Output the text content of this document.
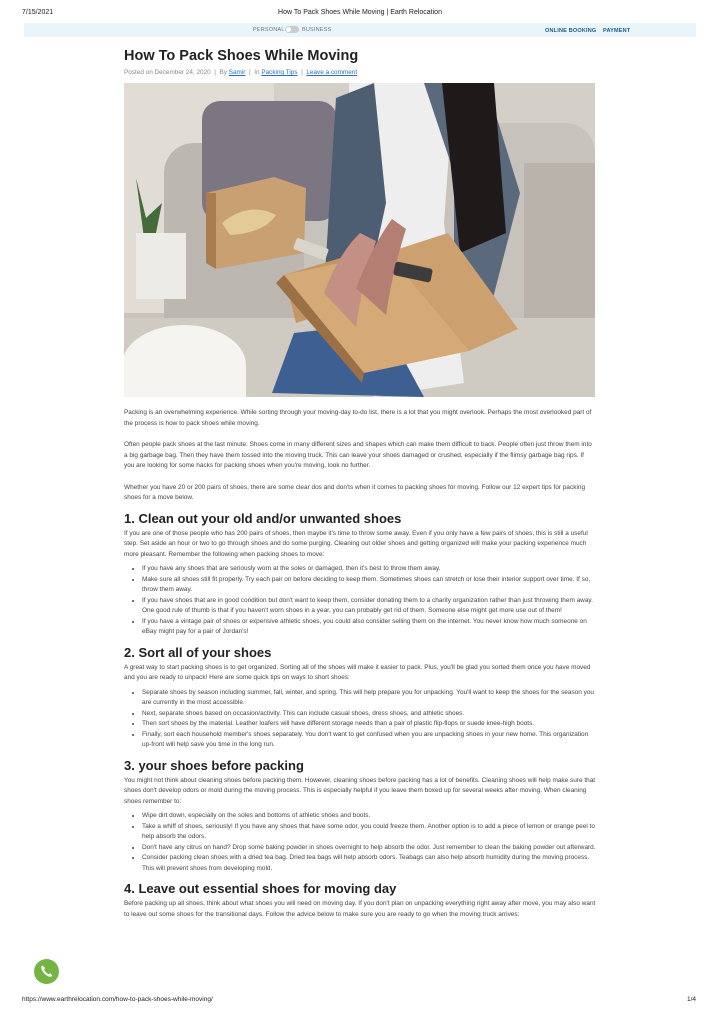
7/15/2021	How To Pack Shoes While Moving | Earth Relocation
PERSONAL	BUSINESS	ONLINE BOOKING PAYMENT
How To Pack Shoes While Moving
Posted on December 24, 2020  |  By Samir  |  In Packing Tips  |  Leave a comment

Packing is an overwhelming experience. While sorting through your moving-day to-do list, there is a lot that you might overlook. Perhaps the most overlooked part of the process is how to pack shoes while moving.

Often people pack shoes at the last minute. Shoes come in many different sizes and shapes which can make them difficult to back. People often just throw them into a big garbage bag. Then they have them tossed into the moving truck. This can leave your shoes damaged or crushed, especially if the flimsy garbage bag rips. If you are looking for some hacks for packing shoes when you're moving, look no further.

Whether you have 20 or 200 pairs of shoes, there are some clear dos and don'ts when it comes to packing shoes for moving. Follow our 12 expert tips for packing shoes for a move below.

1. Clean out your old and/or unwanted shoes

If you are one of those people who has 200 pairs of shoes, then maybe it's time to throw some away. Even if you only have a few pairs of shoes, this is still a useful step. Set aside an hour or two to go through shoes and do some purging. Cleaning out older shoes and getting organized will make your packing experience much more pleasant. Remember the following when packing shoes to move:

• If you have any shoes that are seriously worn at the soles or damaged, then it's best to throw them away.
• Make sure all shoes still fit properly. Try each pair on before deciding to keep them. Sometimes shoes can stretch or lose their interior support over time. If so, throw them away.
• If you have shoes that are in good condition but don't want to keep them, consider donating them to a charity organization rather than just throwing them away. One good rule of thumb is that if you haven't worn shoes in a year, you can probably get rid of them. Someone else might get more use out of them!
• If you have a vintage pair of shoes or expensive athletic shoes, you could also consider selling them on the internet. You never know how much someone on eBay might pay for a pair of Jordan's!
2. Sort all of your shoes

A great way to start packing shoes is to get organized. Sorting all of the shoes will make it easier to pack. Plus, you'll be glad you sorted them once you have moved and you are ready to unpack! Here are some quick tips on ways to short shoes:

• Separate shoes by season including summer, fall, winter, and spring. This will help prepare you for unpacking. You'll want to keep the shoes for the season you are currently in the most accessible.
• Next, separate shoes based on occasion/activity. This can include casual shoes, dress shoes, and athletic shoes.
• Then sort shoes by the material. Leather loafers will have different storage needs than a pair of plastic flip-flops or suede knee-high boots.
• Finally, sort each household member's shoes separately. You don't want to get confused when you are unpacking shoes in your new home. This organization up-front will help save you time in the long run.
3. your shoes before packing

You might not think about cleaning shoes before packing them. However, cleaning shoes before packing has a lot of benefits. Cleaning shoes will help make sure that shoes don't develop odors or mold during the moving process. This is especially helpful if you leave them boxed up for several weeks after moving. When cleaning shoes remember to:

• Wipe dirt down, especially on the soles and bottoms of athletic shoes and boots.
• Take a whiff of shoes, seriously! If you have any shoes that have some odor, you could freeze them. Another option is to add a piece of lemon or orange peel to help absorb the odors.
• Don't have any citrus on hand? Drop some baking powder in shoes overnight to help absorb the odor. Just remember to clean the baking powder out afterward.
• Consider packing clean shoes with a dried tea bag. Dried tea bags will help absorb odors. Teabags can also help absorb humidity during the moving process. This will prevent shoes from developing mold.
4. Leave out essential shoes for moving day

Before packing up all shoes, think about what shoes you will need on moving day. If you don't plan on unpacking everything right away after move, you may also want to leave out some shoes for the transitional days. Follow the advice below to make sure you are ready to go when the moving truck arrives:

https://www.earthrelocation.com/how-to-pack-shoes-while-moving/	1/4
